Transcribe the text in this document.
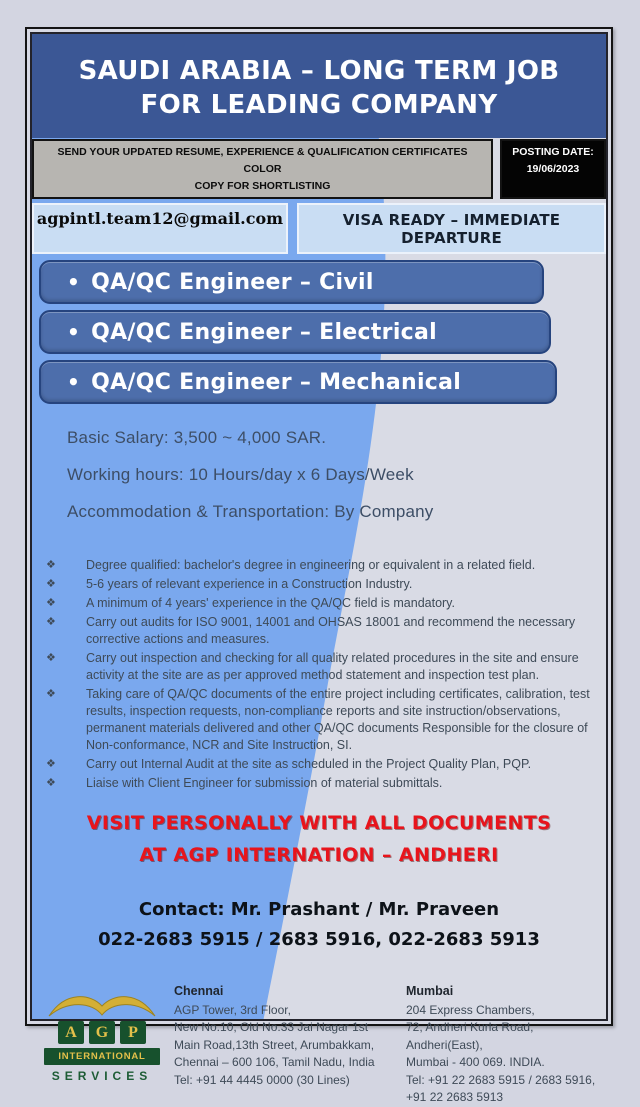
SAUDI ARABIA – LONG TERM JOB
FOR LEADING COMPANY
SEND YOUR UPDATED RESUME, EXPERIENCE & QUALIFICATION CERTIFICATES COLOR
COPY FOR SHORTLISTING
POSTING DATE:
19/06/2023
agpintl.team12@gmail.com	VISA READY – IMMEDIATE DEPARTURE
• QA/QC Engineer – Civil
• QA/QC Engineer – Electrical
• QA/QC Engineer – Mechanical
Basic Salary: 3,500 ~ 4,000 SAR.
Working hours: 10 Hours/day x 6 Days/Week
Accommodation & Transportation: By Company
❖	Degree qualified: bachelor's degree in engineering or equivalent in a related field.
❖	5-6 years of relevant experience in a Construction Industry.
❖	A minimum of 4 years' experience in the QA/QC field is mandatory.
❖	Carry out audits for ISO 9001, 14001 and OHSAS 18001 and recommend the necessary corrective actions and measures.
❖	Carry out inspection and checking for all quality related procedures in the site and ensure activity at the site are as per approved method statement and inspection test plan.
❖	Taking care of QA/QC documents of the entire project including certificates, calibration, test results, inspection requests, non-compliance reports and site instruction/observations, permanent materials delivered and other QA/QC documents Responsible for the closure of Non-conformance, NCR and Site Instruction, SI.
❖	Carry out Internal Audit at the site as scheduled in the Project Quality Plan, PQP.
❖	Liaise with Client Engineer for submission of material submittals.
VISIT PERSONALLY WITH ALL DOCUMENTS
AT AGP INTERNATION – ANDHERI
Contact: Mr. Prashant / Mr. Praveen
022-2683 5915 / 2683 5916, 022-2683 5913
A	G	P
INTERNATIONAL
SERVICES
Chennai
AGP Tower, 3rd Floor,
New No.10, Old No.33 Jai Nagar 1st
Main Road,13th Street, Arumbakkam,
Chennai – 600 106, Tamil Nadu, India
Tel: +91 44 4445 0000 (30 Lines)
Mumbai
204 Express Chambers,
72, Andheri Kurla Road, Andheri(East),
Mumbai - 400 069. INDIA.
Tel: +91 22 2683 5915 / 2683 5916,
+91 22 2683 5913
